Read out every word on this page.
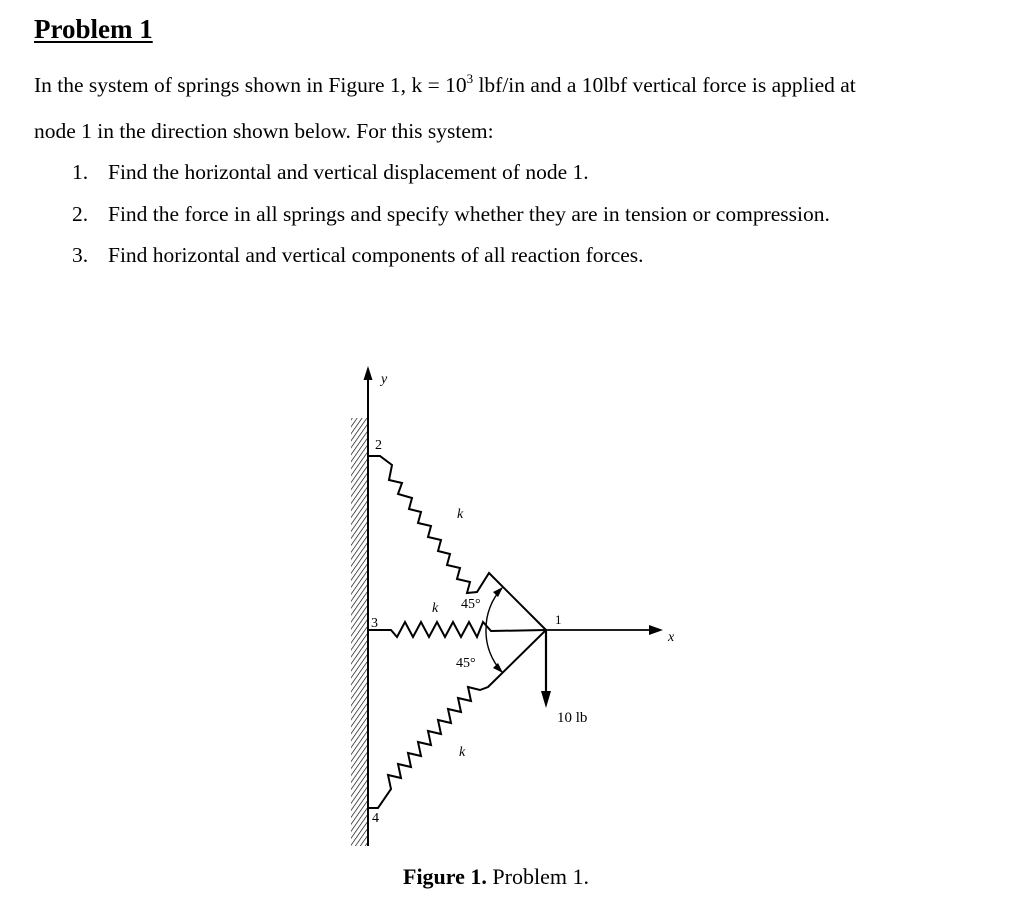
Problem 1
In the system of springs shown in Figure 1, $k = 10^3$ lbf/in and a 10lbf vertical force is applied at
node 1 in the direction shown below. For this system:
1. Find the horizontal and vertical displacement of node 1.
2. Find the force in all springs and specify whether they are in tension or compression.
3. Find horizontal and vertical components of all reaction forces.
y
x
2
3
4
1
k
k
k
45°
45°
10 lb
Figure 1. Problem 1.
